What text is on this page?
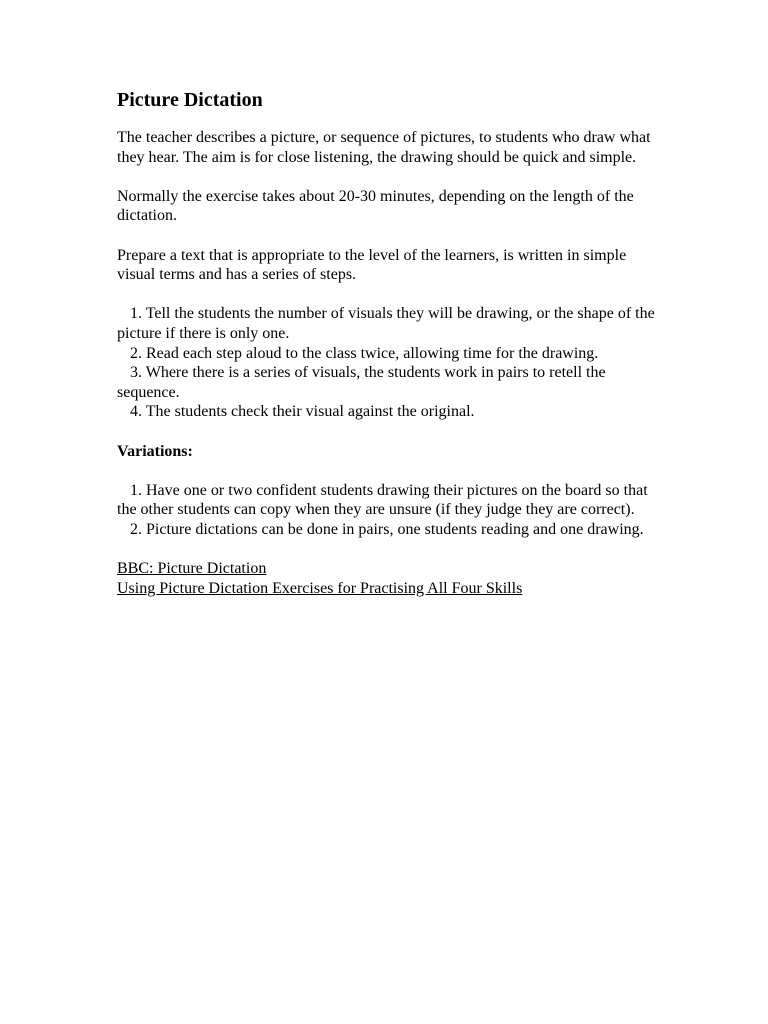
Picture Dictation

The teacher describes a picture, or sequence of pictures, to students who draw what they hear. The aim is for close listening, the drawing should be quick and simple.

Normally the exercise takes about 20-30 minutes, depending on the length of the dictation.

Prepare a text that is appropriate to the level of the learners, is written in simple visual terms and has a series of steps.

1. Tell the students the number of visuals they will be drawing, or the shape of the picture if there is only one.
2. Read each step aloud to the class twice, allowing time for the drawing.
3. Where there is a series of visuals, the students work in pairs to retell the sequence.
4. The students check their visual against the original.

Variations:

1. Have one or two confident students drawing their pictures on the board so that the other students can copy when they are unsure (if they judge they are correct).
2. Picture dictations can be done in pairs, one students reading and one drawing.
BBC: Picture Dictation
Using Picture Dictation Exercises for Practising All Four Skills
